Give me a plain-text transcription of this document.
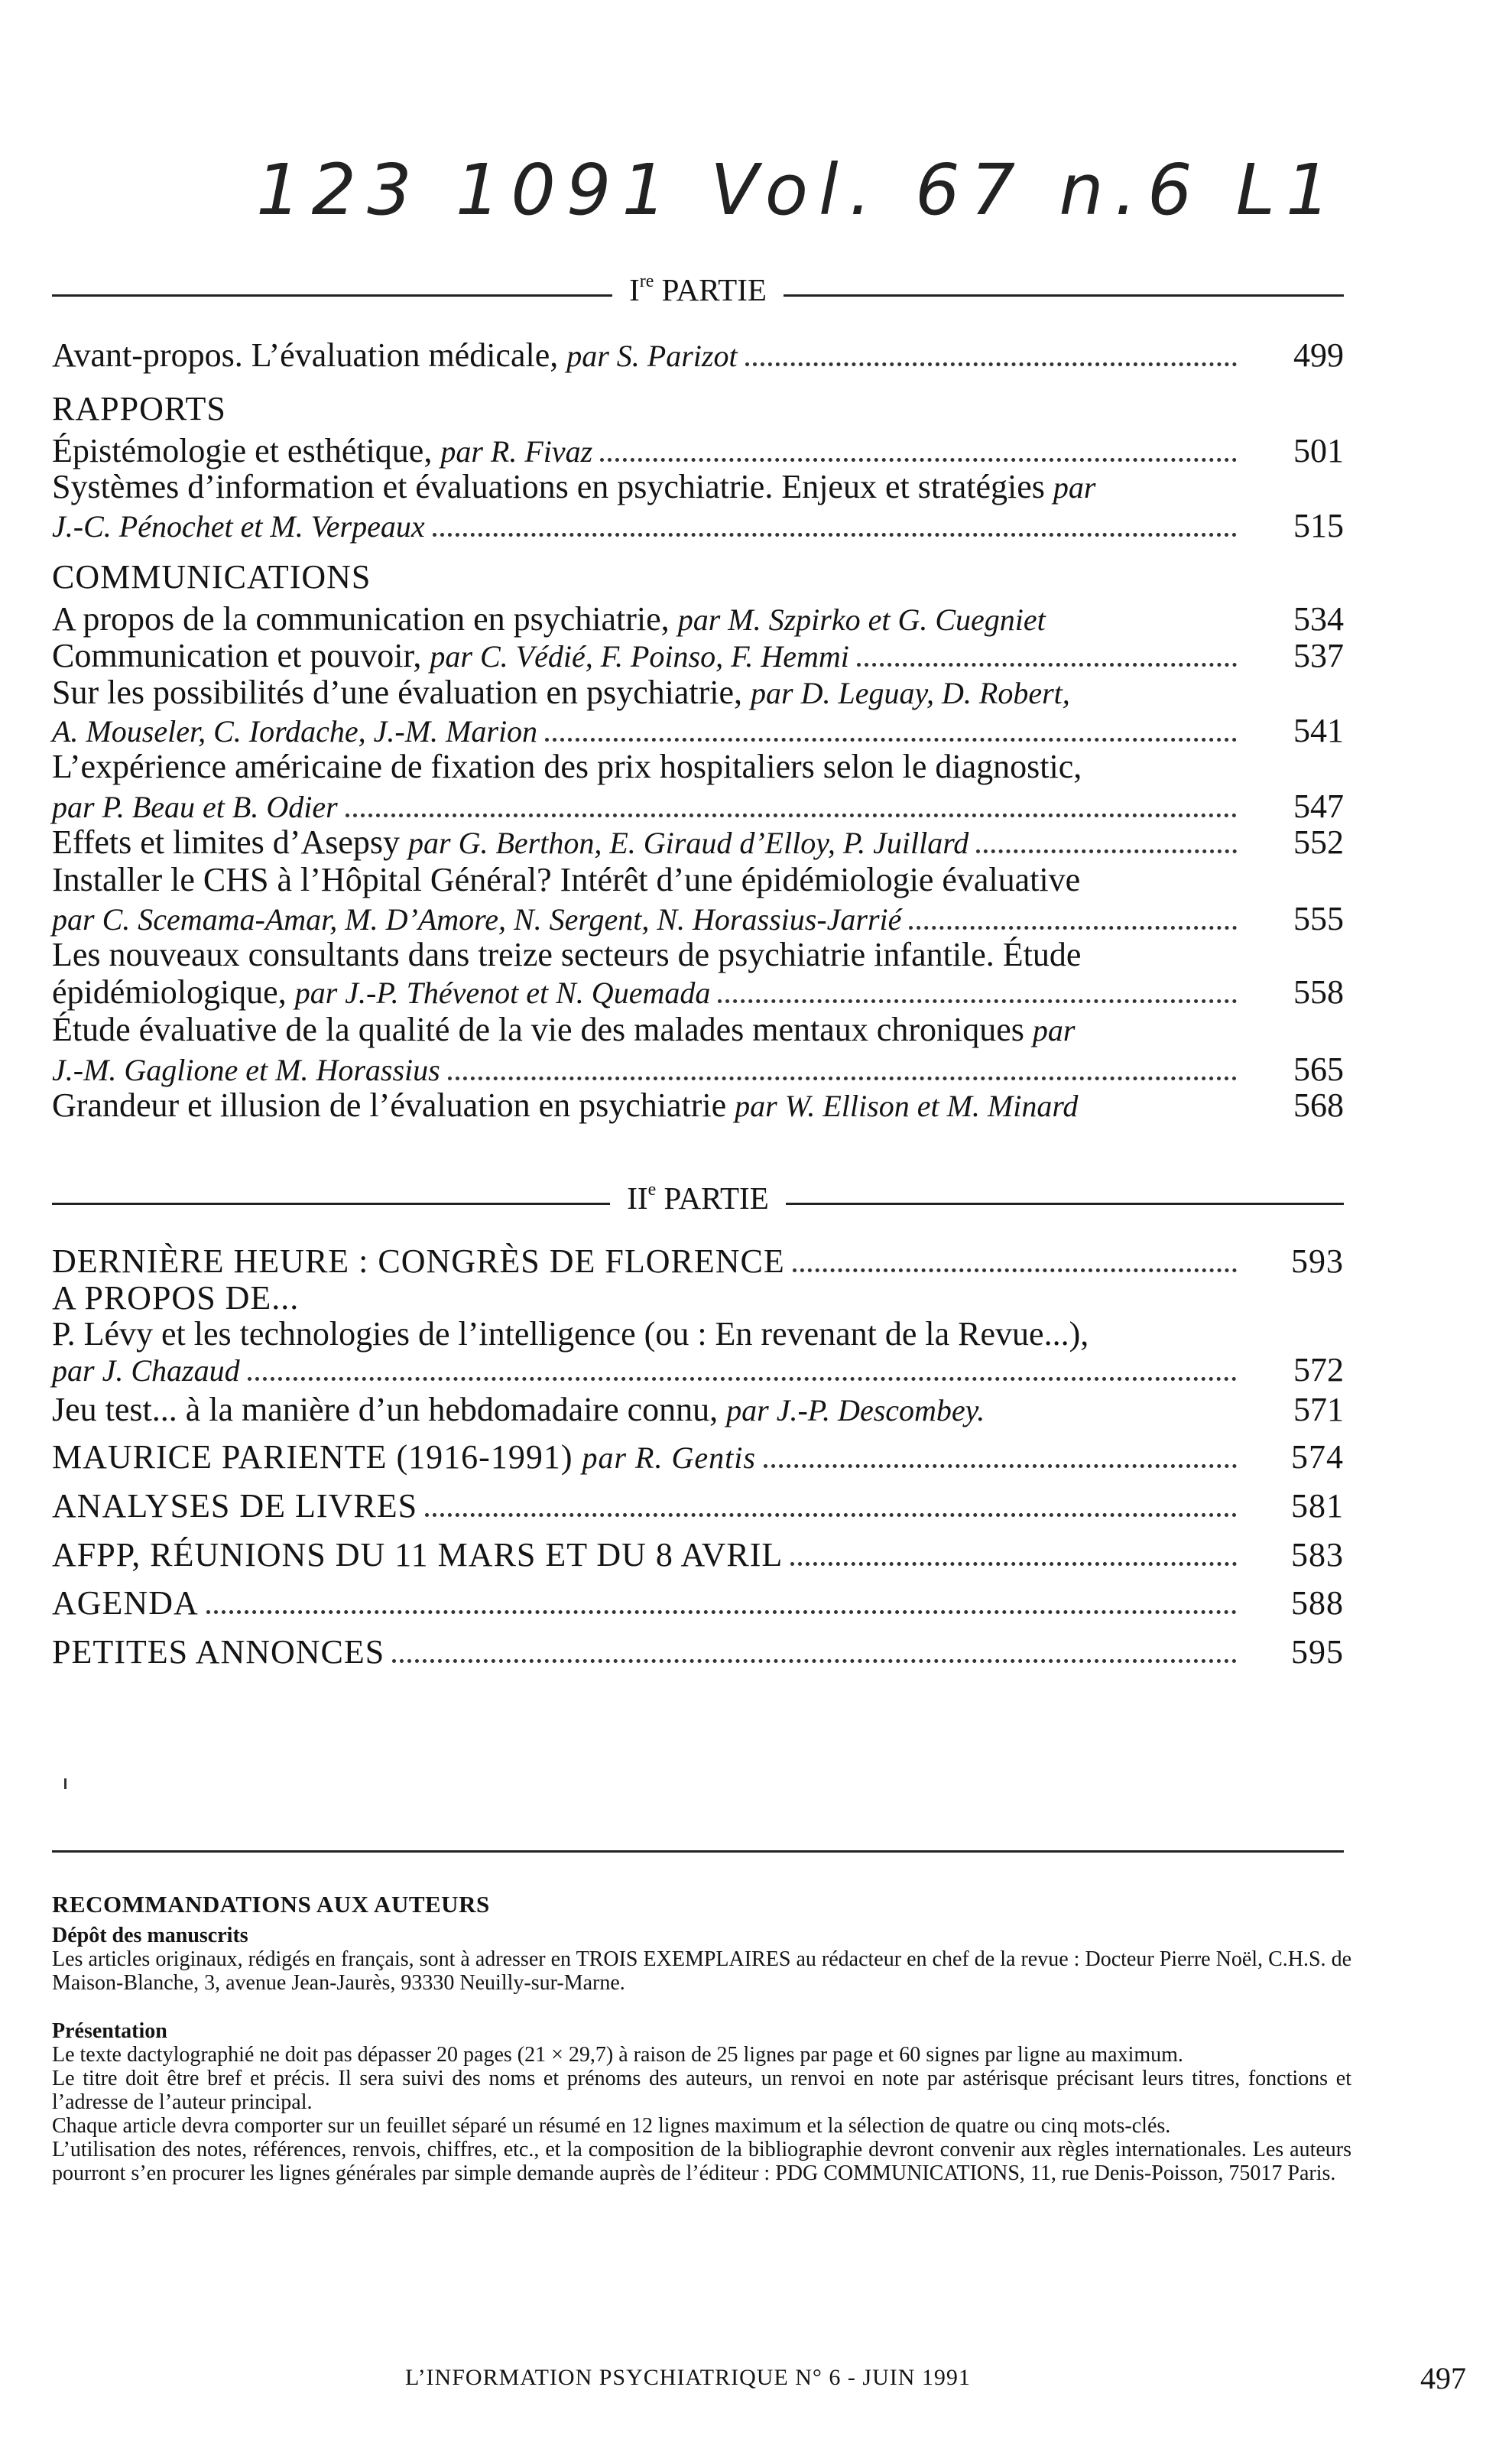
123 1091 Vol. 67 n.6 L1
Ire PARTIE
Avant-propos. L’évaluation médicale, par S. Parizot	499
RAPPORTS
Épistémologie et esthétique, par R. Fivaz	501
Systèmes d’information et évaluations en psychiatrie. Enjeux et stratégies par
J.-C. Pénochet et M. Verpeaux	515
COMMUNICATIONS
A propos de la communication en psychiatrie, par M. Szpirko et G. Cuegniet	534
Communication et pouvoir, par C. Védié, F. Poinso, F. Hemmi	537
Sur les possibilités d’une évaluation en psychiatrie, par D. Leguay, D. Robert,
A. Mouseler, C. Iordache, J.-M. Marion	541
L’expérience américaine de fixation des prix hospitaliers selon le diagnostic,
par P. Beau et B. Odier	547
Effets et limites d’Asepsy par G. Berthon, E. Giraud d’Elloy, P. Juillard	552
Installer le CHS à l’Hôpital Général? Intérêt d’une épidémiologie évaluative
par C. Scemama-Amar, M. D’Amore, N. Sergent, N. Horassius-Jarrié	555
Les nouveaux consultants dans treize secteurs de psychiatrie infantile. Étude
épidémiologique, par J.-P. Thévenot et N. Quemada	558
Étude évaluative de la qualité de la vie des malades mentaux chroniques par
J.-M. Gaglione et M. Horassius	565
Grandeur et illusion de l’évaluation en psychiatrie par W. Ellison et M. Minard	568
IIe PARTIE
DERNIÈRE HEURE : CONGRÈS DE FLORENCE	593
A PROPOS DE...
P. Lévy et les technologies de l’intelligence (ou : En revenant de la Revue...),
par J. Chazaud	572
Jeu test... à la manière d’un hebdomadaire connu, par J.-P. Descombey.	571
MAURICE PARIENTE (1916-1991) par R. Gentis	574
ANALYSES DE LIVRES	581
AFPP, RÉUNIONS DU 11 MARS ET DU 8 AVRIL	583
AGENDA	588
PETITES ANNONCES	595
RECOMMANDATIONS AUX AUTEURS
Dépôt des manuscrits

Les articles originaux, rédigés en français, sont à adresser en TROIS EXEMPLAIRES au rédacteur en chef de la revue : Docteur Pierre Noël, C.H.S. de Maison-Blanche, 3, avenue Jean-Jaurès, 93330 Neuilly-sur-Marne.

Présentation

Le texte dactylographié ne doit pas dépasser 20 pages (21 × 29,7) à raison de 25 lignes par page et 60 signes par ligne au maximum.

Le titre doit être bref et précis. Il sera suivi des noms et prénoms des auteurs, un renvoi en note par astérisque précisant leurs titres, fonctions et l’adresse de l’auteur principal.

Chaque article devra comporter sur un feuillet séparé un résumé en 12 lignes maximum et la sélection de quatre ou cinq mots-clés.

L’utilisation des notes, références, renvois, chiffres, etc., et la composition de la bibliographie devront convenir aux règles internationales. Les auteurs pourront s’en procurer les lignes générales par simple demande auprès de l’éditeur : PDG COMMUNICATIONS, 11, rue Denis-Poisson, 75017 Paris.

L’INFORMATION PSYCHIATRIQUE N° 6 - JUIN 1991	497
